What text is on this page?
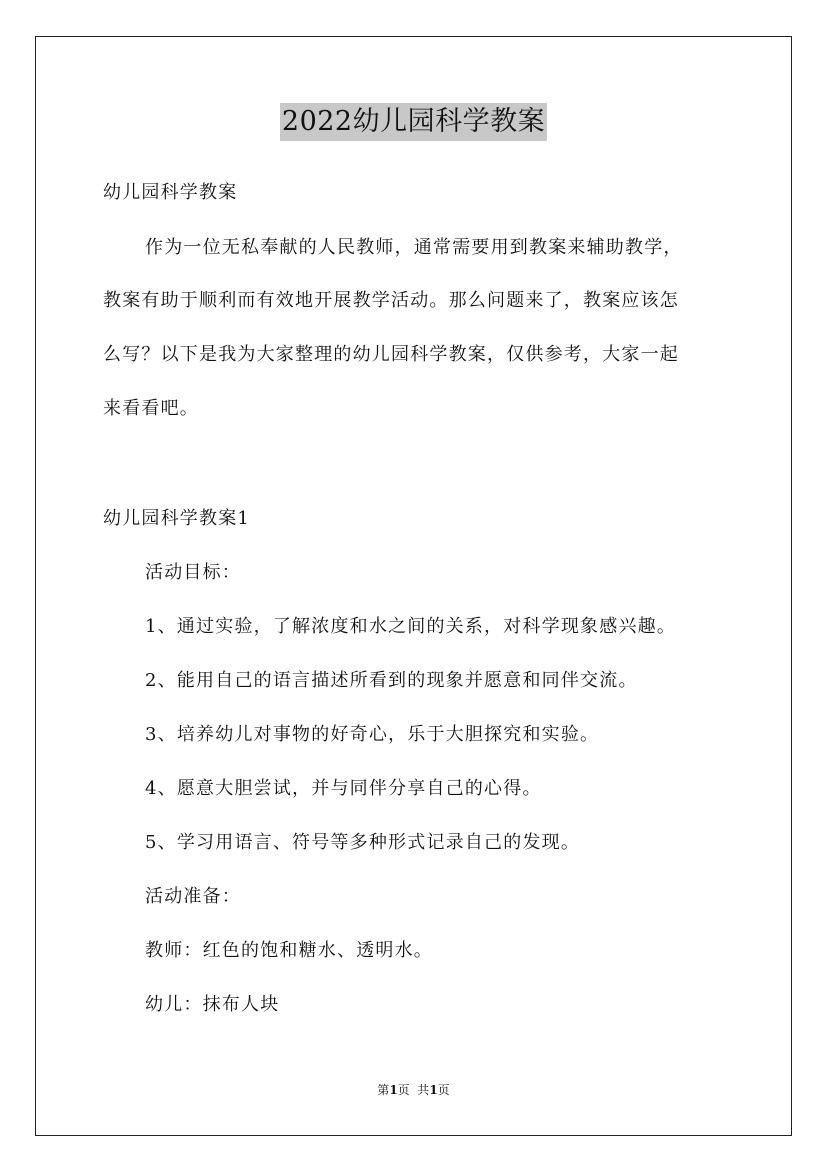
2022幼儿园科学教案
幼儿园科学教案
作为一位无私奉献的人民教师，通常需要用到教案来辅助教学，
教案有助于顺利而有效地开展教学活动。那么问题来了，教案应该怎
么写？以下是我为大家整理的幼儿园科学教案，仅供参考，大家一起
来看看吧。
幼儿园科学教案1
活动目标：
1、通过实验，了解浓度和水之间的关系，对科学现象感兴趣。
2、能用自己的语言描述所看到的现象并愿意和同伴交流。
3、培养幼儿对事物的好奇心，乐于大胆探究和实验。
4、愿意大胆尝试，并与同伴分享自己的心得。
5、学习用语言、符号等多种形式记录自己的发现。
活动准备：
教师：红色的饱和糖水、透明水。
幼儿：抹布人块
第1页  共1页
